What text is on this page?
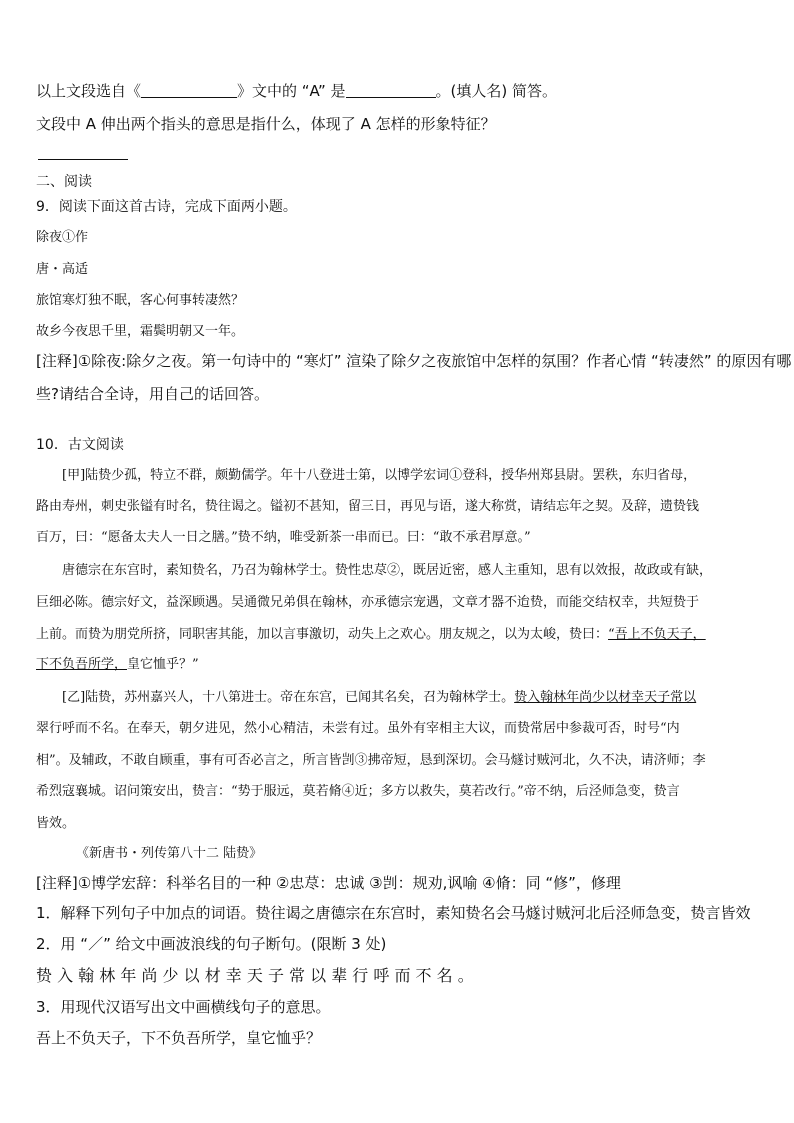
以上文段选自《	》文中的 “A” 是	。(填人名) 简答。
文段中 A 伸出两个指头的意思是指什么，体现了 A 怎样的形象特征？
二、阅读
9．阅读下面这首古诗，完成下面两小题。
除夜①作
唐・高适
旅馆寒灯独不眠，客心何事转凄然？
故乡今夜思千里，霜鬓明朝又一年。
[注释]①除夜:除夕之夜。第一句诗中的 “寒灯” 渲染了除夕之夜旅馆中怎样的氛围？作者心情 “转凄然” 的原因有哪
些?请结合全诗，用自己的话回答。
10．古文阅读
[甲]陆贽少孤，特立不群，颇勤儒学。年十八登进士第，以博学宏词①登科，授华州郑县尉。罢秩，东归省母，
路由寿州，刺史张镒有时名，贽往谒之。镒初不甚知，留三日，再见与语，遂大称赏，请结忘年之契。及辞，遗贽钱
百万，曰：“愿备太夫人一日之膳。”贽不纳，唯受新茶一串而已。曰：“敢不承君厚意。”
唐德宗在东宫时，素知贽名，乃召为翰林学士。贽性忠荩②，既居近密，感人主重知，思有以效报，故政或有缺，
巨细必陈。德宗好文，益深顾遇。吴通微兄弟俱在翰林，亦承德宗宠遇，文章才器不迨贽，而能交结权幸，共短贽于
上前。而贽为朋党所挤，同职害其能，加以言事激切，动失上之欢心。朋友规之，以为太峻，贽曰：“吾上不负天子，
下不负吾所学，皇它恤乎？”
[乙]陆贽，苏州嘉兴人，十八第进士。帝在东宫，已闻其名矣，召为翰林学士。贽入翰林年尚少以材幸天子常以
翠行呼而不名。在奉天，朝夕进见，然小心精洁，未尝有过。虽外有宰相主大议，而贽常居中参裁可否，时号“内
相”。及辅政，不敢自顾重，事有可否必言之，所言皆剀③拂帝短，恳到深切。会马燧讨贼河北，久不决，请济师；李
希烈寇襄城。诏问策安出，贽言：“势于服远，莫若脩④近；多方以救失，莫若改行。”帝不纳，后泾师急变，贽言
皆效。
《新唐书・列传第八十二 陆贽》
[注释]①博学宏辞：科举名目的一种 ②忠荩：忠诚 ③剀：规劝,讽喻 ④脩：同 “修”，修理
1．解释下列句子中加点的词语。贽往谒之唐德宗在东宫时，素知贽名会马燧讨贼河北后泾师急变，贽言皆效
2．用 “／” 给文中画波浪线的句子断句。(限断 3 处)
贽 入 翰 林 年 尚 少 以 材 幸 天 子 常 以 辈 行 呼 而 不 名 。
3．用现代汉语写出文中画横线句子的意思。
吾上不负天子，下不负吾所学，皇它恤乎？
